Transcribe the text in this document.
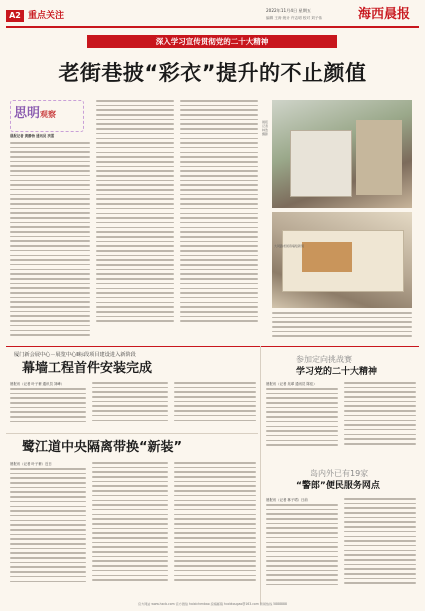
A2 重点关注
2022年11月4日 星期五
编辑 王涛 统计 许志明 校对 刘子伟	海西晨报
深入学习宣传贯彻党的二十大精神
老街巷披“彩衣”提升的不止颜值
思明观察
晨报记者 黄静怡 通讯员 洪雷
晨报记者 林浩 摄影
大同路老街巷墙绘新貌
厦门新会展中心－展览中心Ⅱ标段项目建设进入新阶段
幕墙工程首件安装完成
晨报讯（记者 叶子蓁 通讯员 刘峰）
鹭江道中央隔离带换“新装”
晨报讯（记者 叶子蓁）近日
参加定向挑战赛
学习党的二十大精神
晨报讯（记者 吴翠 通讯员 陈佳）
岛内外已有19家
“警郎”便民服务网点
晨报讯（记者 林子珺）日前
官方网站 www.hxcb.com 官方微信 haixichenbao 投稿邮箱 hxcbtougao@163.com 新闻热线 5888888
